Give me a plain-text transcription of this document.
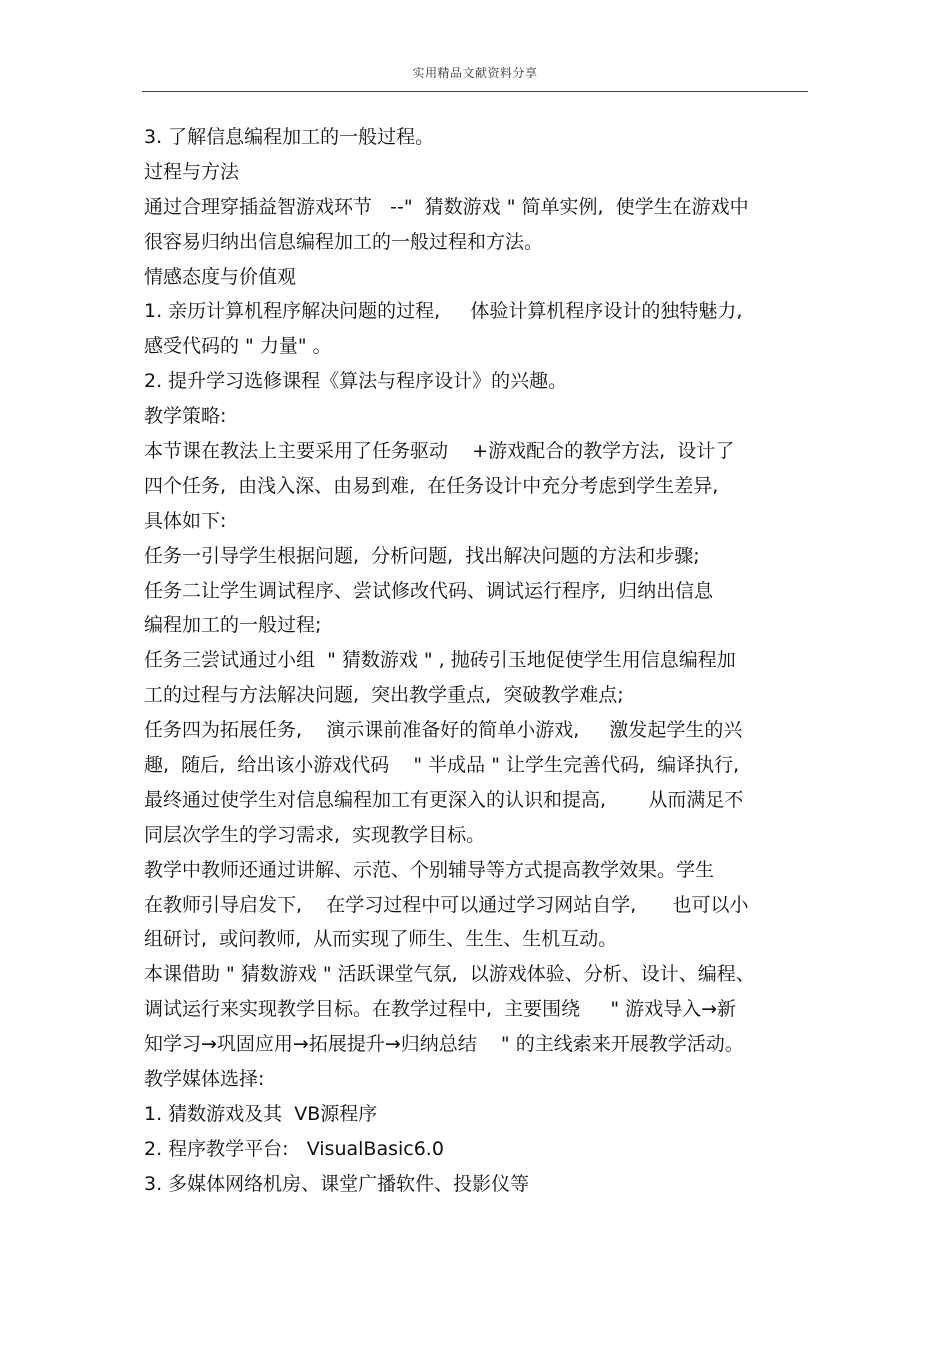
实用精品文献资料分享
3. 了解信息编程加工的一般过程。
过程与方法
通过合理穿插益智游戏环节   --"  猜数游戏 " 简单实例,  使学生在游戏中
很容易归纳出信息编程加工的一般过程和方法。
情感态度与价值观
1. 亲历计算机程序解决问题的过程,     体验计算机程序设计的独特魅力,
感受代码的 " 力量" 。
2. 提升学习选修课程《算法与程序设计》的兴趣。
教学策略:
本节课在教法上主要采用了任务驱动    +游戏配合的教学方法,  设计了
四个任务,  由浅入深、由易到难,  在任务设计中充分考虑到学生差异,
具体如下:
任务一引导学生根据问题,  分析问题,  找出解决问题的方法和步骤;
任务二让学生调试程序、尝试修改代码、调试运行程序,  归纳出信息
编程加工的一般过程;
任务三尝试通过小组  " 猜数游戏 " , 抛砖引玉地促使学生用信息编程加
工的过程与方法解决问题,  突出教学重点,  突破教学难点;
任务四为拓展任务,    演示课前准备好的简单小游戏,     激发起学生的兴
趣,  随后,  给出该小游戏代码    " 半成品 " 让学生完善代码,  编译执行,
最终通过使学生对信息编程加工有更深入的认识和提高,       从而满足不
同层次学生的学习需求,  实现教学目标。
教学中教师还通过讲解、示范、个别辅导等方式提高教学效果。学生
在教师引导启发下,    在学习过程中可以通过学习网站自学,      也可以小
组研讨,  或问教师,  从而实现了师生、生生、生机互动。
本课借助 " 猜数游戏 " 活跃课堂气氛,  以游戏体验、分析、设计、编程、
调试运行来实现教学目标。在教学过程中,  主要围绕     " 游戏导入→新
知学习→巩固应用→拓展提升→归纳总结    " 的主线索来开展教学活动。
教学媒体选择:
1. 猜数游戏及其  VB源程序
2. 程序教学平台:   VisualBasic6.0
3. 多媒体网络机房、课堂广播软件、投影仪等
